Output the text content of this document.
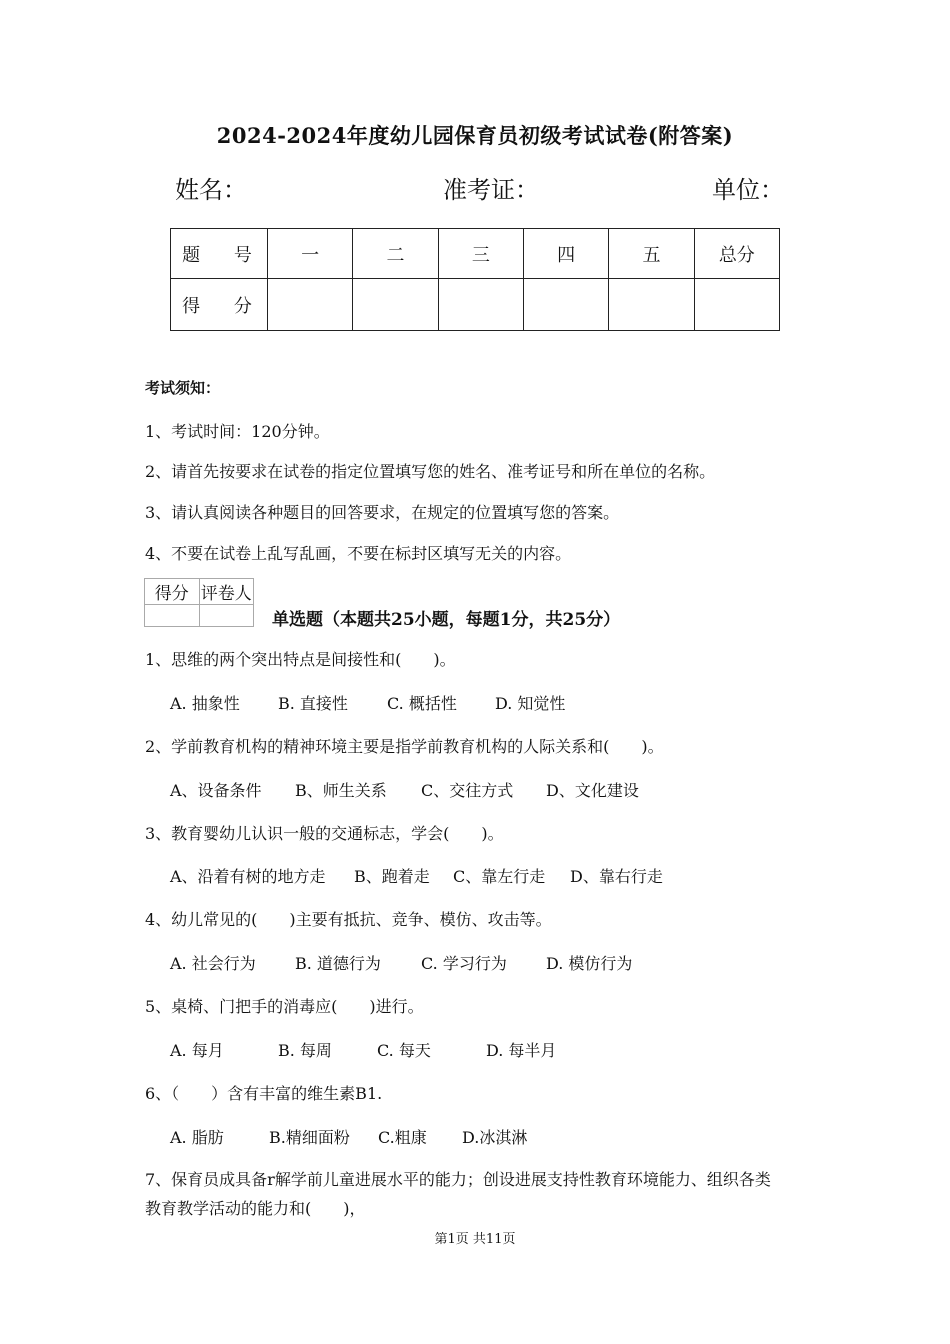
2024-2024年度幼儿园保育员初级考试试卷(附答案)
姓名：	准考证：	单位：
题 号	一	二	三	四	五	总分
得 分						
考试须知：
1、考试时间：120分钟。
2、请首先按要求在试卷的指定位置填写您的姓名、准考证号和所在单位的名称。
3、请认真阅读各种题目的回答要求，在规定的位置填写您的答案。
4、不要在试卷上乱写乱画，不要在标封区填写无关的内容。
得分	评卷人

单选题（本题共25小题，每题1分，共25分）
1、思维的两个突出特点是间接性和(　　)。
A. 抽象性 B. 直接性 C. 概括性 D. 知觉性
2、学前教育机构的精神环境主要是指学前教育机构的人际关系和(　　)。
A、设备条件 B、师生关系 C、交往方式 D、文化建设
3、教育婴幼儿认识一般的交通标志，学会(　　)。
A、沿着有树的地方走 B、跑着走 C、靠左行走 D、靠右行走
4、幼儿常见的(　　)主要有抵抗、竞争、模仿、攻击等。
A. 社会行为 B. 道德行为	C. 学习行为 D. 模仿行为
5、桌椅、门把手的消毒应(　　)进行。
A. 每月	B. 每周	C. 每天	D. 每半月
6、（　　）含有丰富的维生素B1.
A. 脂肪	B.精细面粉 C.粗康 D.冰淇淋
7、保育员成具备r解学前儿童进展水平的能力；创设进展支持性教育环境能力、组织各类
教育教学活动的能力和(　　)，
第1页 共11页
